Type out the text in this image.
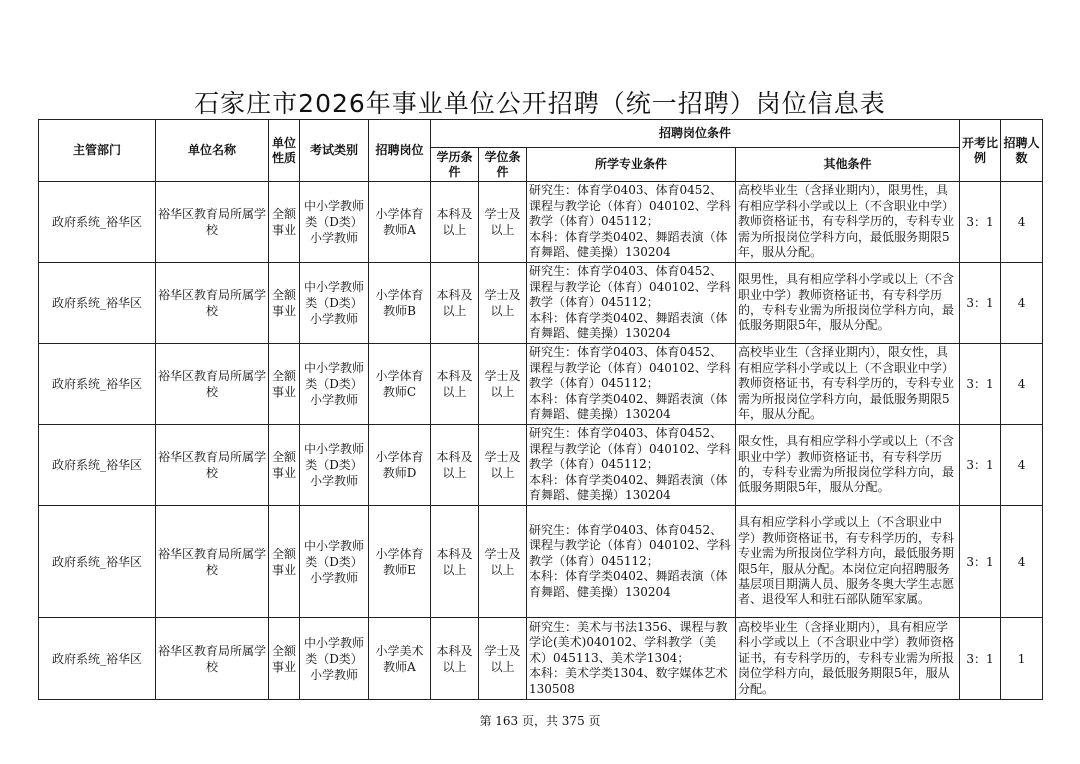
石家庄市2026年事业单位公开招聘（统一招聘）岗位信息表
主管部门	单位名称	单位性质	考试类别	招聘岗位	招聘岗位条件				开考比例	招聘人数
					学历条件	学位条件	所学专业条件	其他条件		
政府系统_裕华区	裕华区教育局所属学校	全额事业	中小学教师类（D类）小学教师	小学体育教师A	本科及以上	学士及以上	研究生：体育学0403、体育0452、课程与教学论（体育）040102、学科教学（体育）045112；
本科：体育学类0402、舞蹈表演（体育舞蹈、健美操）130204	高校毕业生（含择业期内），限男性，具有相应学科小学或以上（不含职业中学）教师资格证书，有专科学历的，专科专业需为所报岗位学科方向，最低服务期限5年，服从分配。	3：1	4
政府系统_裕华区	裕华区教育局所属学校	全额事业	中小学教师类（D类）小学教师	小学体育教师B	本科及以上	学士及以上	研究生：体育学0403、体育0452、课程与教学论（体育）040102、学科教学（体育）045112；
本科：体育学类0402、舞蹈表演（体育舞蹈、健美操）130204	限男性，具有相应学科小学或以上（不含职业中学）教师资格证书，有专科学历的，专科专业需为所报岗位学科方向，最低服务期限5年，服从分配。	3：1	4
政府系统_裕华区	裕华区教育局所属学校	全额事业	中小学教师类（D类）小学教师	小学体育教师C	本科及以上	学士及以上	研究生：体育学0403、体育0452、课程与教学论（体育）040102、学科教学（体育）045112；
本科：体育学类0402、舞蹈表演（体育舞蹈、健美操）130204	高校毕业生（含择业期内），限女性，具有相应学科小学或以上（不含职业中学）教师资格证书，有专科学历的，专科专业需为所报岗位学科方向，最低服务期限5年，服从分配。	3：1	4
政府系统_裕华区	裕华区教育局所属学校	全额事业	中小学教师类（D类）小学教师	小学体育教师D	本科及以上	学士及以上	研究生：体育学0403、体育0452、课程与教学论（体育）040102、学科教学（体育）045112；
本科：体育学类0402、舞蹈表演（体育舞蹈、健美操）130204	限女性，具有相应学科小学或以上（不含职业中学）教师资格证书，有专科学历的，专科专业需为所报岗位学科方向，最低服务期限5年，服从分配。	3：1	4
政府系统_裕华区	裕华区教育局所属学校	全额事业	中小学教师类（D类）小学教师	小学体育教师E	本科及以上	学士及以上	研究生：体育学0403、体育0452、课程与教学论（体育）040102、学科教学（体育）045112；
本科：体育学类0402、舞蹈表演（体育舞蹈、健美操）130204	具有相应学科小学或以上（不含职业中学）教师资格证书，有专科学历的，专科专业需为所报岗位学科方向，最低服务期限5年，服从分配。本岗位定向招聘服务基层项目期满人员、服务冬奥大学生志愿者、退役军人和驻石部队随军家属。	3：1	4
政府系统_裕华区	裕华区教育局所属学校	全额事业	中小学教师类（D类）小学教师	小学美术教师A	本科及以上	学士及以上	研究生：美术与书法1356、课程与教学论(美术)040102、学科教学（美术）045113、美术学1304；
本科：美术学类1304、数字媒体艺术130508	高校毕业生（含择业期内），具有相应学科小学或以上（不含职业中学）教师资格证书，有专科学历的，专科专业需为所报岗位学科方向，最低服务期限5年，服从分配。	3：1	1
第 163 页，共 375 页
